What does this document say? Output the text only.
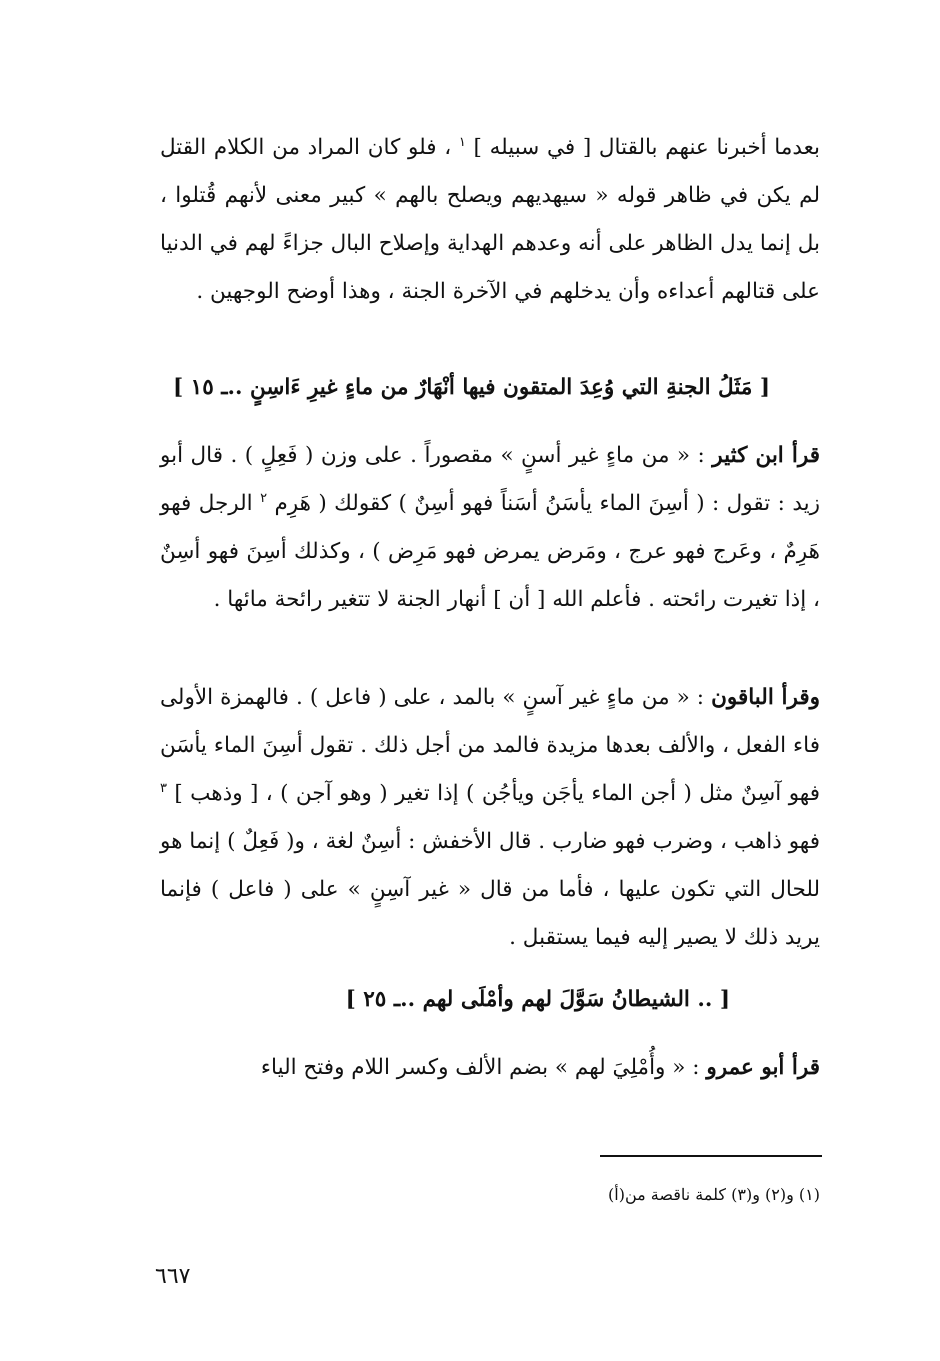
بعدما أخبرنا عنهم بالقتال [ في سبيله ] $^١$ ، فلو كان المراد من الكلام القتل لم يكن في ظاهر قوله « سيهديهم ويصلح بالهم » كبير معنى لأنهم قُتلوا ، بل إنما يدل الظاهر على أنه وعدهم الهداية وإصلاح البال جزاءً لهم في الدنيا على قتالهم أعداءه وأن يدخلهم في الآخرة الجنة ، وهذا أوضح الوجهين .

[ مَثَلُ الجنةِ التي وُعِدَ المتقون فيها أنْهَارٌ من ماءٍ غيرِ ءَاسِنٍ ..ـ ١٥ ]

قرأ ابن كثير : « من ماءٍ غير أسنٍ » مقصوراً . على وزن ( فَعِلٍ ) . قال أبو زيد : تقول : ( أسِنَ الماء يأسَنُ أسَناً فهو أسِنٌ ) كقولك ( هَرِم $^٢$ الرجل فهو هَرِمٌ ، وعَرج فهو عرج ، ومَرض يمرض فهو مَرِض ) ، وكذلك أسِنَ فهو أسِنٌ ، إذا تغيرت رائحته . فأعلم الله [ أن ] أنهار الجنة لا تتغير رائحة مائها .

وقرأ الباقون : « من ماءٍ غير آسنٍ » بالمد ، على ( فاعل ) . فالهمزة الأولى فاء الفعل ، والألف بعدها مزيدة فالمد من أجل ذلك . تقول أسِنَ الماء يأسَن فهو آسِنٌ مثل ( أجن الماء يأجَن ويأجُن ) إذا تغير ( وهو آجن ) ، [ وذهب ] $^٣$ فهو ذاهب ، وضرب فهو ضارب . قال الأخفش : أسِنٌ لغة ، و( فَعِلٌ ) إنما هو للحال التي تكون عليها ، فأما من قال « غير آسِنٍ » على ( فاعل ) فإنما يريد ذلك لا يصير إليه فيما يستقبل .

[ .. الشيطانُ سَوَّلَ لهم وأمْلَى لهم ..ـ ٢٥ ]

قرأ أبو عمرو : « وأُمْلِيَ لهم » بضم الألف وكسر اللام وفتح الياء

(١) و(٢) و(٣) كلمة ناقصة من(أ)

٦٦٧
